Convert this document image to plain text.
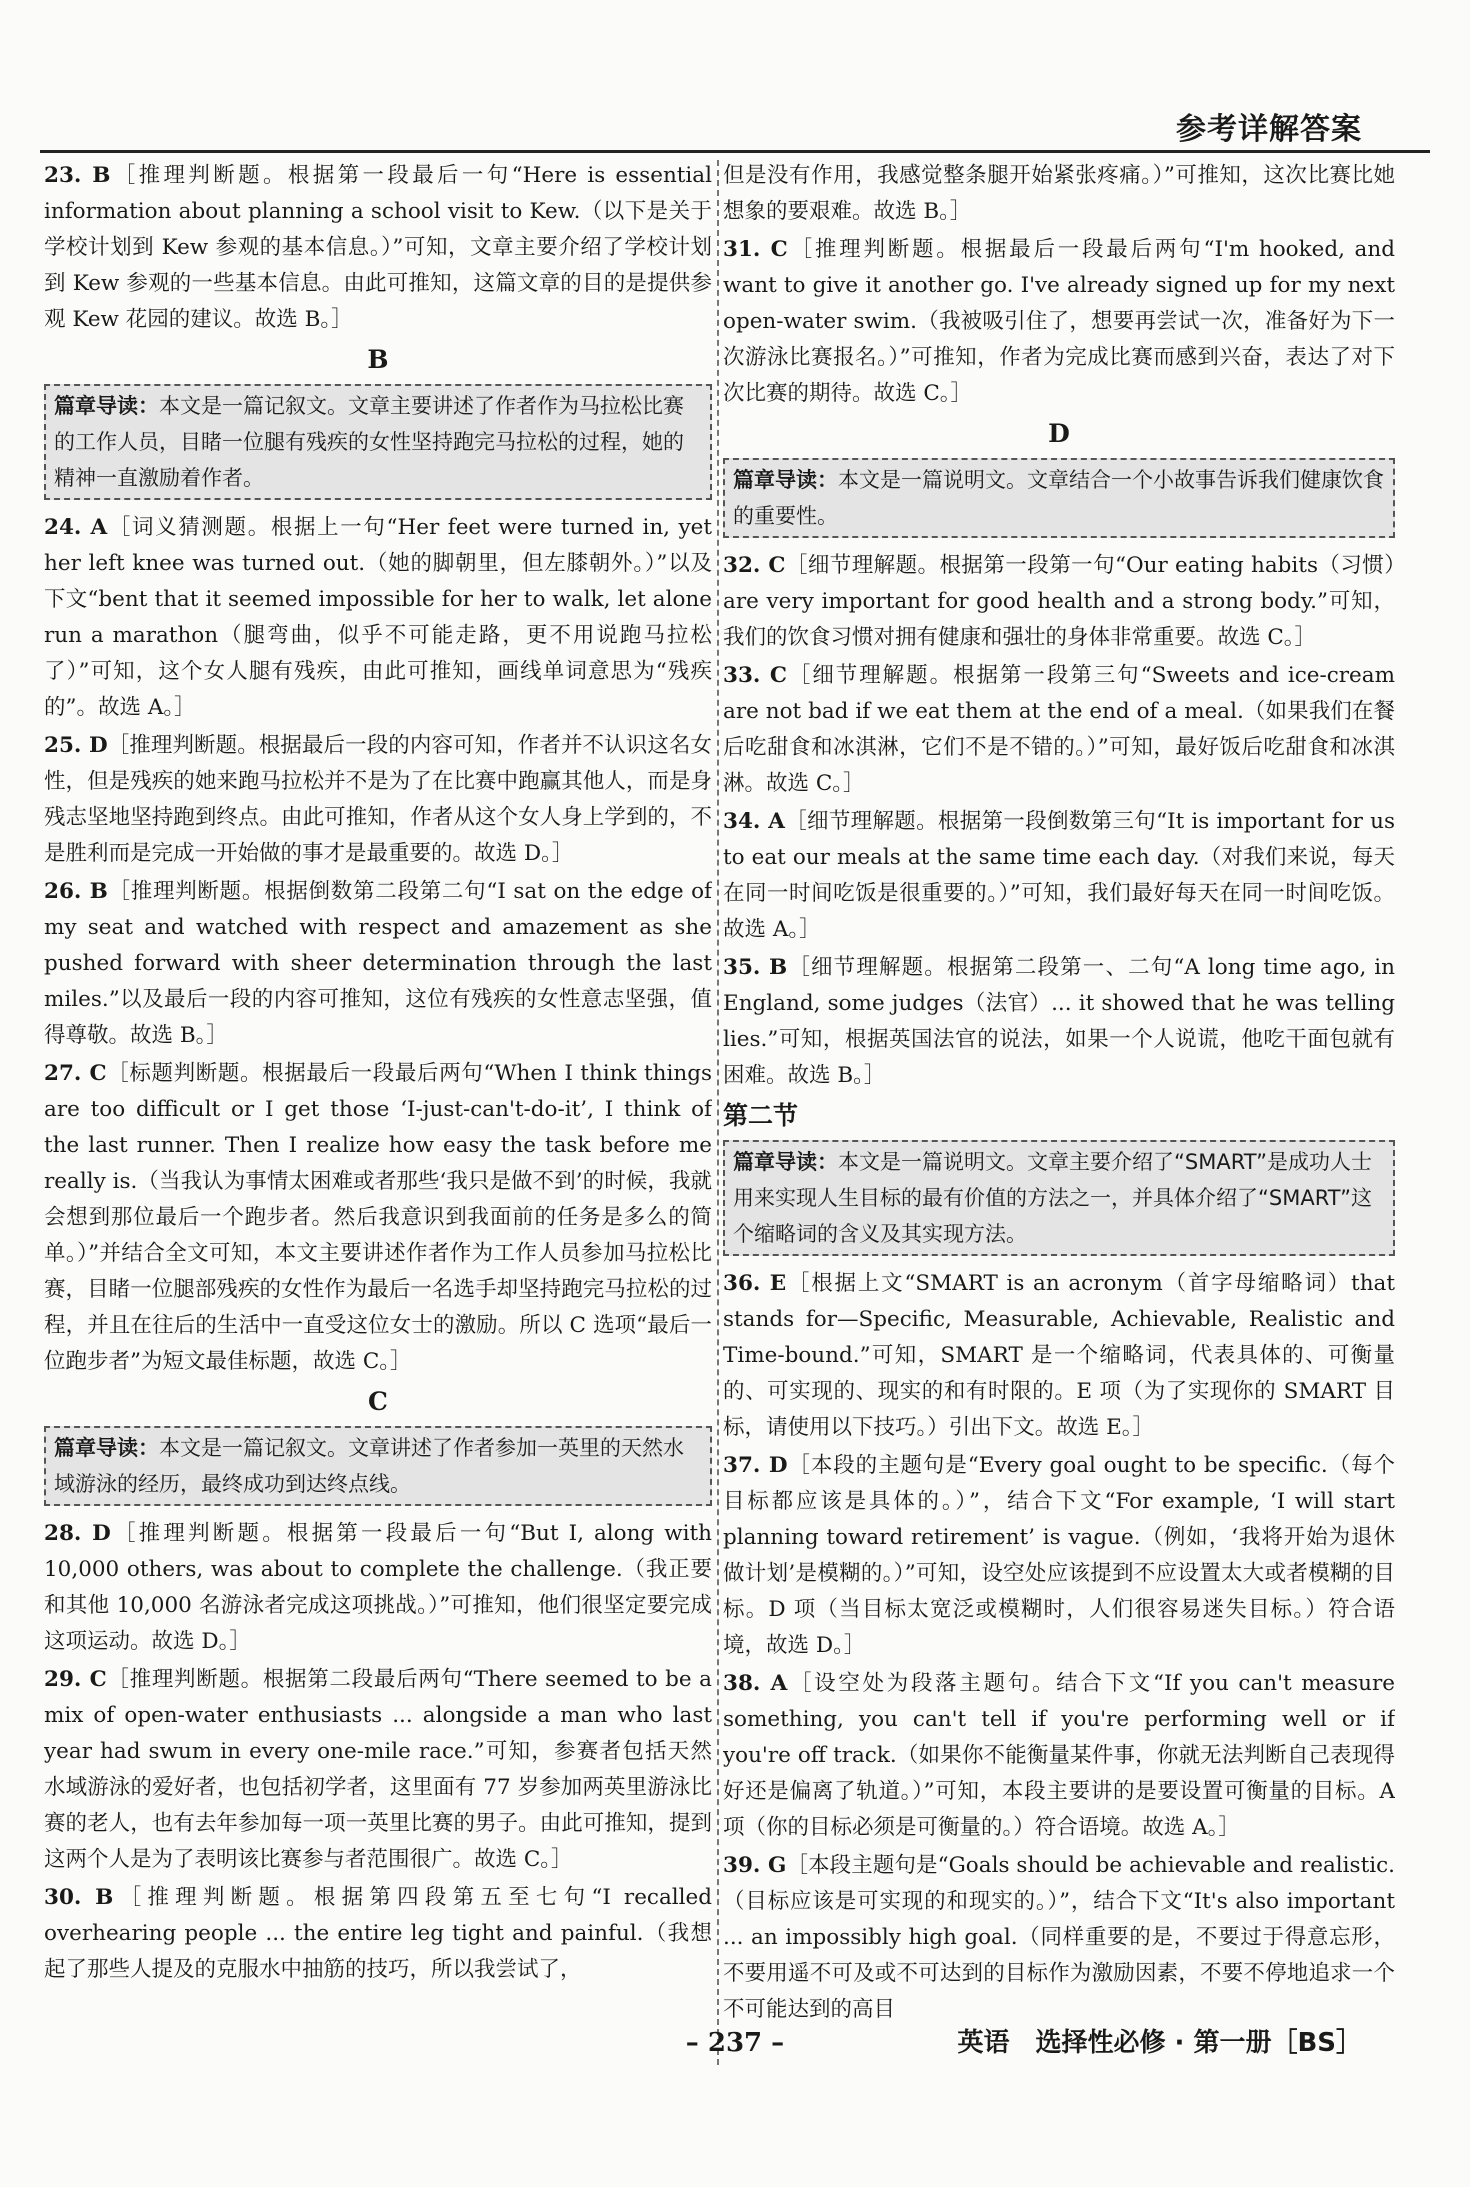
参考详解答案

23. B［推理判断题。根据第一段最后一句“Here is essential information about planning a school visit to Kew.（以下是关于学校计划到 Kew 参观的基本信息。）”可知，文章主要介绍了学校计划到 Kew 参观的一些基本信息。由此可推知，这篇文章的目的是提供参观 Kew 花园的建议。故选 B。］

B
篇章导读：本文是一篇记叙文。文章主要讲述了作者作为马拉松比赛的工作人员，目睹一位腿有残疾的女性坚持跑完马拉松的过程，她的精神一直激励着作者。

24. A［词义猜测题。根据上一句“Her feet were turned in, yet her left knee was turned out.（她的脚朝里，但左膝朝外。）”以及下文“bent that it seemed impossible for her to walk, let alone run a marathon（腿弯曲，似乎不可能走路，更不用说跑马拉松了）”可知，这个女人腿有残疾，由此可推知，画线单词意思为“残疾的”。故选 A。］

25. D［推理判断题。根据最后一段的内容可知，作者并不认识这名女性，但是残疾的她来跑马拉松并不是为了在比赛中跑赢其他人，而是身残志坚地坚持跑到终点。由此可推知，作者从这个女人身上学到的，不是胜利而是完成一开始做的事才是最重要的。故选 D。］

26. B［推理判断题。根据倒数第二段第二句“I sat on the edge of my seat and watched with respect and amazement as she pushed forward with sheer determination through the last miles.”以及最后一段的内容可推知，这位有残疾的女性意志坚强，值得尊敬。故选 B。］

27. C［标题判断题。根据最后一段最后两句“When I think things are too difficult or I get those ‘I-just-can't-do-it’, I think of the last runner. Then I realize how easy the task before me really is.（当我认为事情太困难或者那些‘我只是做不到’的时候，我就会想到那位最后一个跑步者。然后我意识到我面前的任务是多么的简单。）”并结合全文可知，本文主要讲述作者作为工作人员参加马拉松比赛，目睹一位腿部残疾的女性作为最后一名选手却坚持跑完马拉松的过程，并且在往后的生活中一直受这位女士的激励。所以 C 选项“最后一位跑步者”为短文最佳标题，故选 C。］

C
篇章导读：本文是一篇记叙文。文章讲述了作者参加一英里的天然水域游泳的经历，最终成功到达终点线。

28. D［推理判断题。根据第一段最后一句“But I, along with 10,000 others, was about to complete the challenge.（我正要和其他 10,000 名游泳者完成这项挑战。）”可推知，他们很坚定要完成这项运动。故选 D。］

29. C［推理判断题。根据第二段最后两句“There seemed to be a mix of open-water enthusiasts ... alongside a man who last year had swum in every one-mile race.”可知，参赛者包括天然水域游泳的爱好者，也包括初学者，这里面有 77 岁参加两英里游泳比赛的老人，也有去年参加每一项一英里比赛的男子。由此可推知，提到这两个人是为了表明该比赛参与者范围很广。故选 C。］

30. B［推理判断题。根据第四段第五至七句“I recalled overhearing people ... the entire leg tight and painful.（我想起了那些人提及的克服水中抽筋的技巧，所以我尝试了，

但是没有作用，我感觉整条腿开始紧张疼痛。）”可推知，这次比赛比她想象的要艰难。故选 B。］

31. C［推理判断题。根据最后一段最后两句“I'm hooked, and want to give it another go. I've already signed up for my next open-water swim.（我被吸引住了，想要再尝试一次，准备好为下一次游泳比赛报名。）”可推知，作者为完成比赛而感到兴奋，表达了对下次比赛的期待。故选 C。］

D
篇章导读：本文是一篇说明文。文章结合一个小故事告诉我们健康饮食的重要性。

32. C［细节理解题。根据第一段第一句“Our eating habits（习惯）are very important for good health and a strong body.”可知，我们的饮食习惯对拥有健康和强壮的身体非常重要。故选 C。］

33. C［细节理解题。根据第一段第三句“Sweets and ice-cream are not bad if we eat them at the end of a meal.（如果我们在餐后吃甜食和冰淇淋，它们不是不错的。）”可知，最好饭后吃甜食和冰淇淋。故选 C。］

34. A［细节理解题。根据第一段倒数第三句“It is important for us to eat our meals at the same time each day.（对我们来说，每天在同一时间吃饭是很重要的。）”可知，我们最好每天在同一时间吃饭。故选 A。］

35. B［细节理解题。根据第二段第一、二句“A long time ago, in England, some judges（法官）... it showed that he was telling lies.”可知，根据英国法官的说法，如果一个人说谎，他吃干面包就有困难。故选 B。］

第二节
篇章导读：本文是一篇说明文。文章主要介绍了“SMART”是成功人士用来实现人生目标的最有价值的方法之一，并具体介绍了“SMART”这个缩略词的含义及其实现方法。

36. E［根据上文“SMART is an acronym（首字母缩略词）that stands for—Specific, Measurable, Achievable, Realistic and Time-bound.”可知，SMART 是一个缩略词，代表具体的、可衡量的、可实现的、现实的和有时限的。E 项（为了实现你的 SMART 目标，请使用以下技巧。）引出下文。故选 E。］

37. D［本段的主题句是“Every goal ought to be specific.（每个目标都应该是具体的。）”，结合下文“For example, ‘I will start planning toward retirement’ is vague.（例如，‘我将开始为退休做计划’是模糊的。）”可知，设空处应该提到不应设置太大或者模糊的目标。D 项（当目标太宽泛或模糊时，人们很容易迷失目标。）符合语境，故选 D。］

38. A［设空处为段落主题句。结合下文“If you can't measure something, you can't tell if you're performing well or if you're off track.（如果你不能衡量某件事，你就无法判断自己表现得好还是偏离了轨道。）”可知，本段主要讲的是要设置可衡量的目标。A 项（你的目标必须是可衡量的。）符合语境。故选 A。］

39. G［本段主题句是“Goals should be achievable and realistic.（目标应该是可实现的和现实的。）”，结合下文“It's also important ... an impossibly high goal.（同样重要的是，不要过于得意忘形，不要用遥不可及或不可达到的目标作为激励因素，不要不停地追求一个不可能达到的高目

– 237 –	英语　选择性必修 · 第一册［BS］
